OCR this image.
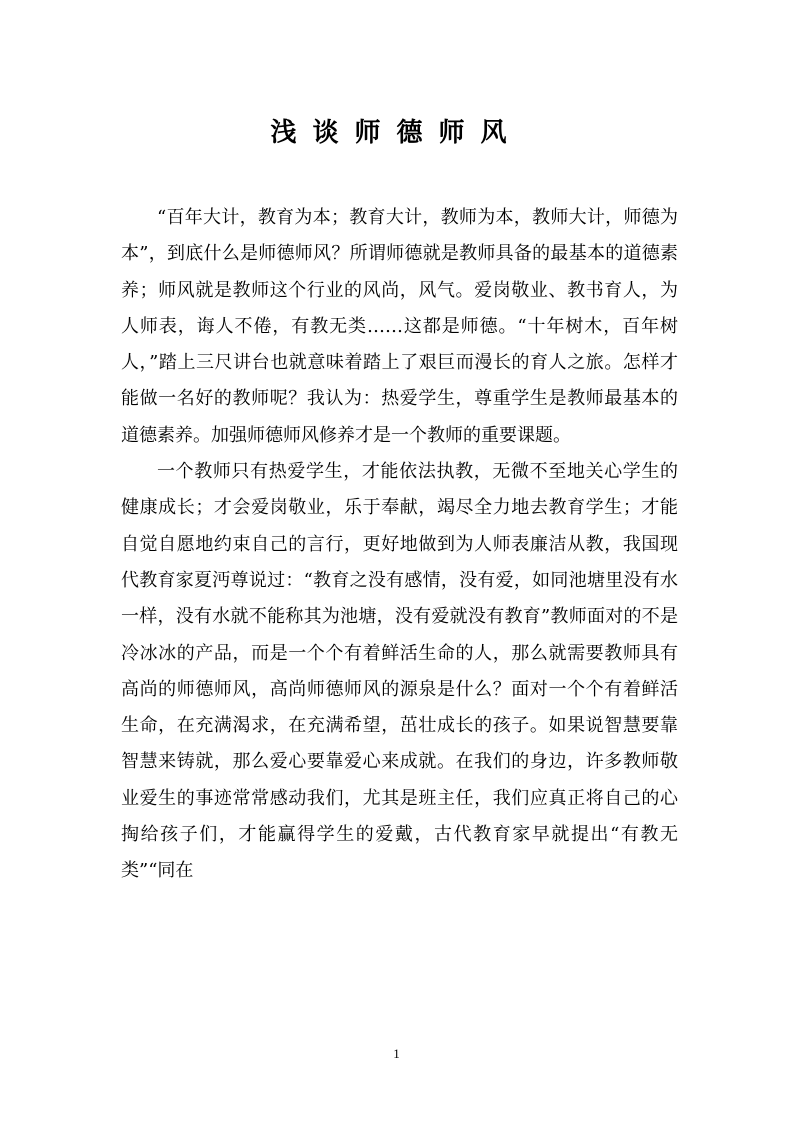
浅谈师德师风

“百年大计，教育为本；教育大计，教师为本，教师大计，师德为本”，到底什么是师德师风？所谓师德就是教师具备的最基本的道德素养；师风就是教师这个行业的风尚，风气。爱岗敬业、教书育人，为人师表，诲人不倦，有教无类……这都是师德。“十年树木，百年树人，”踏上三尺讲台也就意味着踏上了艰巨而漫长的育人之旅。怎样才能做一名好的教师呢？我认为：热爱学生，尊重学生是教师最基本的道德素养。加强师德师风修养才是一个教师的重要课题。

一个教师只有热爱学生，才能依法执教，无微不至地关心学生的健康成长；才会爱岗敬业，乐于奉献，竭尽全力地去教育学生；才能自觉自愿地约束自己的言行，更好地做到为人师表廉洁从教，我国现代教育家夏沔尊说过：“教育之没有感情，没有爱，如同池塘里没有水一样，没有水就不能称其为池塘，没有爱就没有教育”教师面对的不是冷冰冰的产品，而是一个个有着鲜活生命的人，那么就需要教师具有高尚的师德师风，高尚师德师风的源泉是什么？面对一个个有着鲜活生命，在充满渴求，在充满希望，茁壮成长的孩子。如果说智慧要靠智慧来铸就，那么爱心要靠爱心来成就。在我们的身边，许多教师敬业爱生的事迹常常感动我们，尤其是班主任，我们应真正将自己的心掏给孩子们，才能赢得学生的爱戴，古代教育家早就提出“有教无类”“同在

1
